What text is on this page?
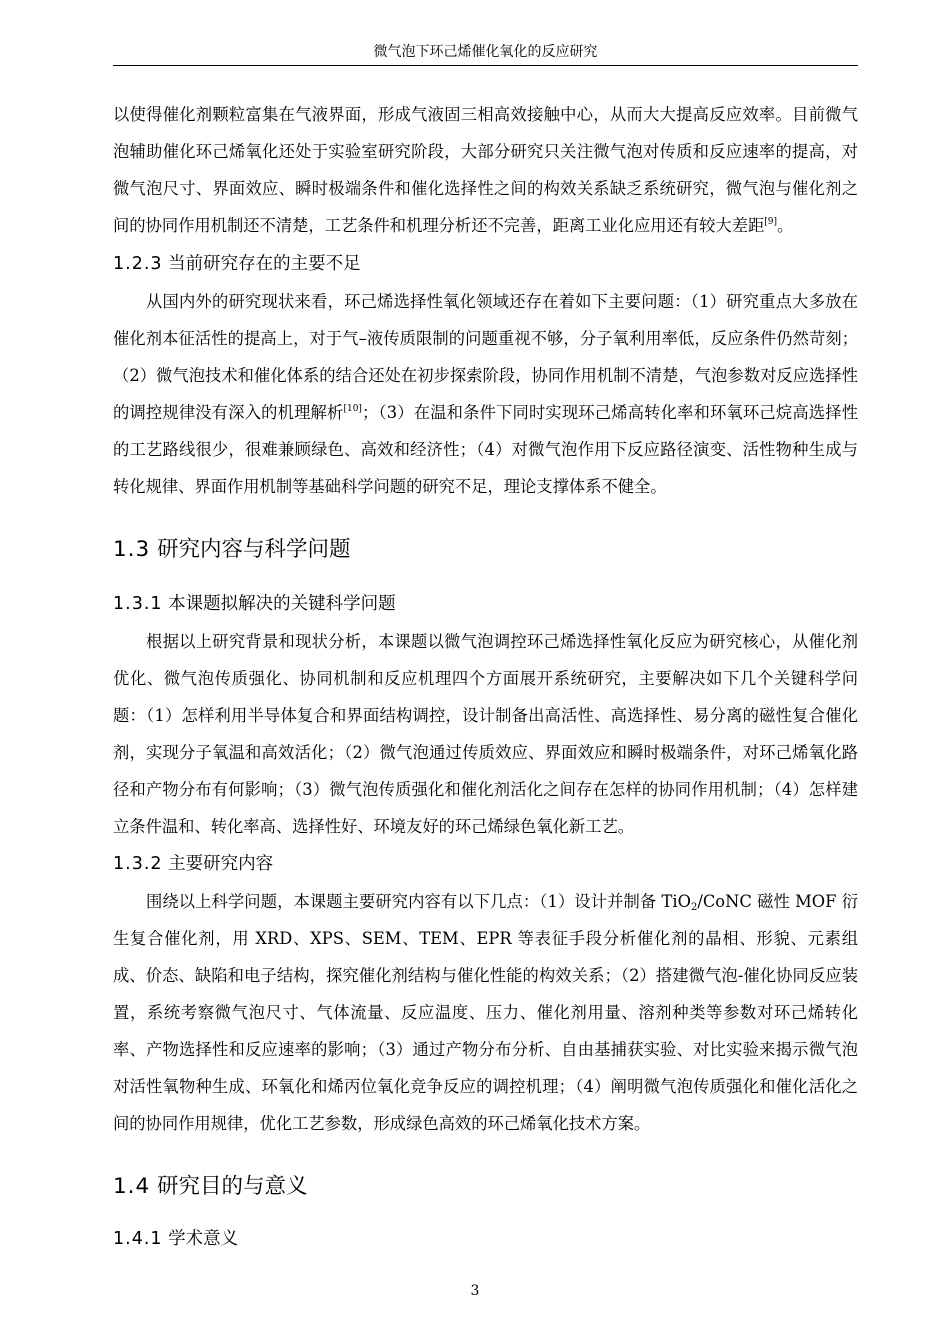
微气泡下环己烯催化氧化的反应研究

以使得催化剂颗粒富集在气液界面，形成气液固三相高效接触中心，从而大大提高反应效率。目前微气泡辅助催化环己烯氧化还处于实验室研究阶段，大部分研究只关注微气泡对传质和反应速率的提高，对微气泡尺寸、界面效应、瞬时极端条件和催化选择性之间的构效关系缺乏系统研究，微气泡与催化剂之间的协同作用机制还不清楚，工艺条件和机理分析还不完善，距离工业化应用还有较大差距[9]。

1.2.3 当前研究存在的主要不足

从国内外的研究现状来看，环己烯选择性氧化领域还存在着如下主要问题：（1）研究重点大多放在催化剂本征活性的提高上，对于气–液传质限制的问题重视不够，分子氧利用率低，反应条件仍然苛刻；（2）微气泡技术和催化体系的结合还处在初步探索阶段，协同作用机制不清楚，气泡参数对反应选择性的调控规律没有深入的机理解析[10]；（3）在温和条件下同时实现环己烯高转化率和环氧环己烷高选择性的工艺路线很少，很难兼顾绿色、高效和经济性；（4）对微气泡作用下反应路径演变、活性物种生成与转化规律、界面作用机制等基础科学问题的研究不足，理论支撑体系不健全。

1.3 研究内容与科学问题
1.3.1 本课题拟解决的关键科学问题

根据以上研究背景和现状分析，本课题以微气泡调控环己烯选择性氧化反应为研究核心，从催化剂优化、微气泡传质强化、协同机制和反应机理四个方面展开系统研究，主要解决如下几个关键科学问题：（1）怎样利用半导体复合和界面结构调控，设计制备出高活性、高选择性、易分离的磁性复合催化剂，实现分子氧温和高效活化；（2）微气泡通过传质效应、界面效应和瞬时极端条件，对环己烯氧化路径和产物分布有何影响；（3）微气泡传质强化和催化剂活化之间存在怎样的协同作用机制；（4）怎样建立条件温和、转化率高、选择性好、环境友好的环己烯绿色氧化新工艺。

1.3.2 主要研究内容

围绕以上科学问题，本课题主要研究内容有以下几点：（1）设计并制备 TiO$_2$/CoNC 磁性 MOF 衍生复合催化剂，用 XRD、XPS、SEM、TEM、EPR 等表征手段分析催化剂的晶相、形貌、元素组成、价态、缺陷和电子结构，探究催化剂结构与催化性能的构效关系；（2）搭建微气泡-催化协同反应装置，系统考察微气泡尺寸、气体流量、反应温度、压力、催化剂用量、溶剂种类等参数对环己烯转化率、产物选择性和反应速率的影响；（3）通过产物分布分析、自由基捕获实验、对比实验来揭示微气泡对活性氧物种生成、环氧化和烯丙位氧化竞争反应的调控机理；（4）阐明微气泡传质强化和催化活化之间的协同作用规律，优化工艺参数，形成绿色高效的环己烯氧化技术方案。

1.4 研究目的与意义
1.4.1 学术意义
3
